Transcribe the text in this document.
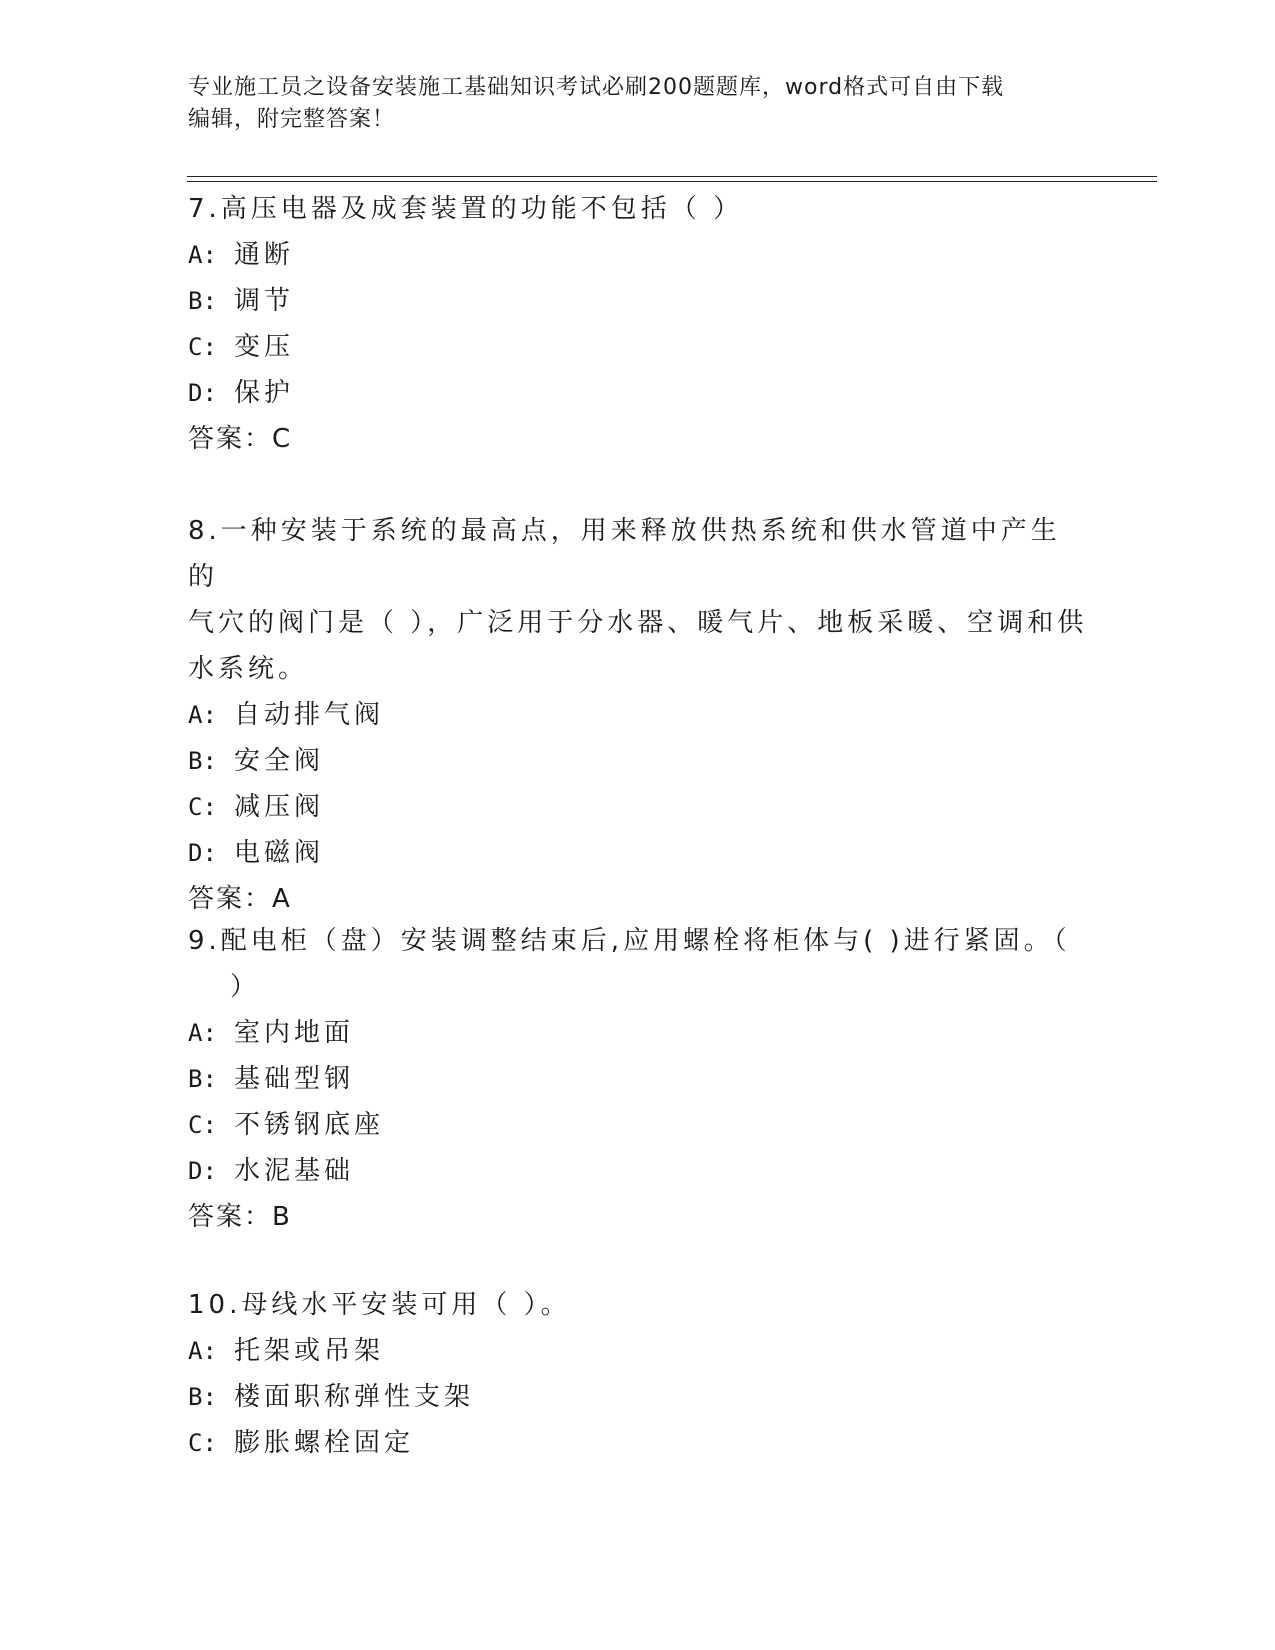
专业施工员之设备安装施工基础知识考试必刷200题题库，word格式可自由下载
编辑，附完整答案！
7.高压电器及成套装置的功能不包括（ ）
A: 通断
B: 调节
C: 变压
D: 保护
答案：C
8.一种安装于系统的最高点，用来释放供热系统和供水管道中产生的
气穴的阀门是（ ），广泛用于分水器、暖气片、地板采暖、空调和供
水系统。
A: 自动排气阀
B: 安全阀
C: 减压阀
D: 电磁阀
答案：A
9.配电柜（盘）安装调整结束后,应用螺栓将柜体与( )进行紧固。（
）
A: 室内地面
B: 基础型钢
C: 不锈钢底座
D: 水泥基础
答案：B
10.母线水平安装可用（ ）。
A: 托架或吊架
B: 楼面职称弹性支架
C: 膨胀螺栓固定
